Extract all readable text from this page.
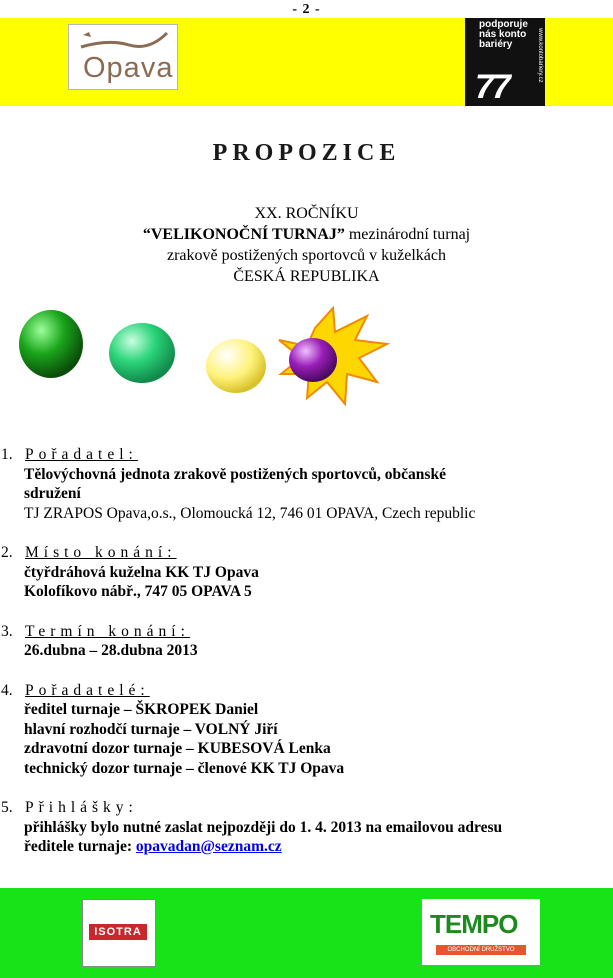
- 2 -
Opava
podporuje nás konto bariéry
77
www.kontobariery.cz
PROPOZICE
XX. ROČNÍKU
“VELIKONOČNÍ TURNAJ” mezinárodní turnaj
zrakově postižených sportovců v kuželkách
ČESKÁ REPUBLIKA
1. Pořadatel:
Tělovýchovná jednota zrakově postižených sportovců, občanské
sdružení
TJ ZRAPOS Opava,o.s., Olomoucká 12, 746 01 OPAVA, Czech republic
2. Místo konání:
čtyřdráhová kuželna KK TJ Opava
Kolofíkovo nábř., 747 05 OPAVA 5
3. Termín konání:
26.dubna – 28.dubna 2013
4. Pořadatelé:
ředitel turnaje – ŠKROPEK Daniel
hlavní rozhodčí turnaje – VOLNÝ Jiří
zdravotní dozor turnaje – KUBESOVÁ Lenka
technický dozor turnaje – členové KK TJ Opava
5. Přihlášky:
přihlášky bylo nutné zaslat nejpozději do 1. 4. 2013 na emailovou adresu
ředitele turnaje: opavadan@seznam.cz
ISOTRA	TEMPO
OBCHODNÍ DRUŽSTVO
